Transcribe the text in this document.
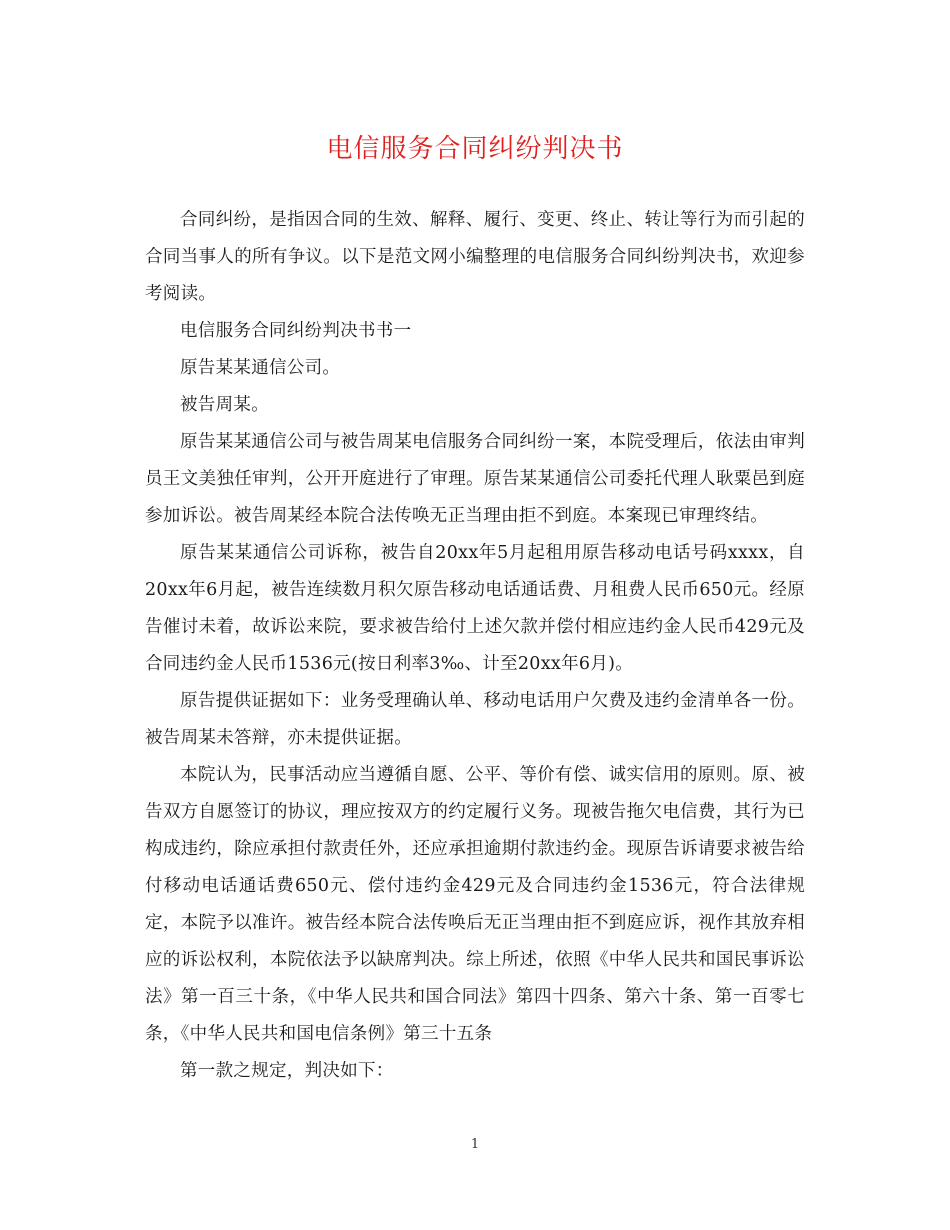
电信服务合同纠纷判决书

合同纠纷，是指因合同的生效、解释、履行、变更、终止、转让等行为而引起的合同当事人的所有争议。以下是范文网小编整理的电信服务合同纠纷判决书，欢迎参考阅读。

电信服务合同纠纷判决书书一

原告某某通信公司。

被告周某。

原告某某通信公司与被告周某电信服务合同纠纷一案，本院受理后，依法由审判员王文美独任审判，公开开庭进行了审理。原告某某通信公司委托代理人耿粟邑到庭参加诉讼。被告周某经本院合法传唤无正当理由拒不到庭。本案现已审理终结。

原告某某通信公司诉称，被告自20xx年5月起租用原告移动电话号码xxxx，自20xx年6月起，被告连续数月积欠原告移动电话通话费、月租费人民币650元。经原告催讨未着，故诉讼来院，要求被告给付上述欠款并偿付相应违约金人民币429元及合同违约金人民币1536元(按日利率3‰、计至20xx年6月)。

原告提供证据如下：业务受理确认单、移动电话用户欠费及违约金清单各一份。 被告周某未答辩，亦未提供证据。

本院认为，民事活动应当遵循自愿、公平、等价有偿、诚实信用的原则。原、被告双方自愿签订的协议，理应按双方的约定履行义务。现被告拖欠电信费，其行为已构成违约，除应承担付款责任外，还应承担逾期付款违约金。现原告诉请要求被告给付移动电话通话费650元、偿付违约金429元及合同违约金1536元，符合法律规定，本院予以准许。被告经本院合法传唤后无正当理由拒不到庭应诉，视作其放弃相应的诉讼权利，本院依法予以缺席判决。综上所述，依照《中华人民共和国民事诉讼法》第一百三十条，《中华人民共和国合同法》第四十四条、第六十条、第一百零七条，《中华人民共和国电信条例》第三十五条

第一款之规定，判决如下：

1
